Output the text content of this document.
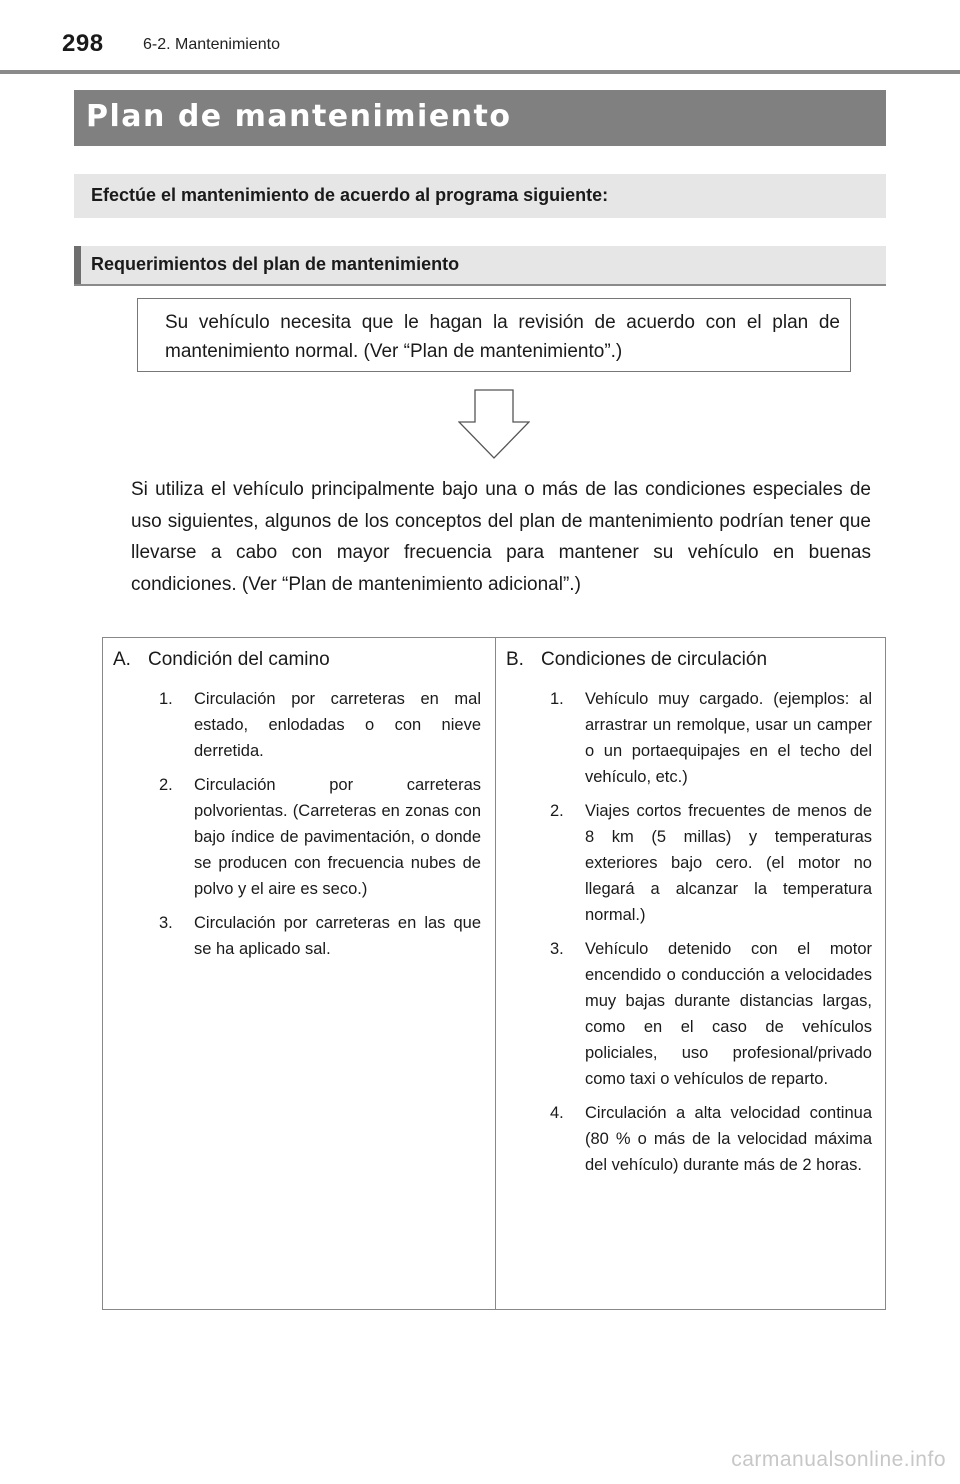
298 6-2. Mantenimiento
Plan de mantenimiento
Efectúe el mantenimiento de acuerdo al programa siguiente:
Requerimientos del plan de mantenimiento

Su vehículo necesita que le hagan la revisión de acuerdo con el plan de mantenimiento normal. (Ver “Plan de mantenimiento”.)

Si utiliza el vehículo principalmente bajo una o más de las condiciones especiales de uso siguientes, algunos de los conceptos del plan de mantenimiento podrían tener que llevarse a cabo con mayor frecuencia para mantener su vehículo en buenas condiciones. (Ver “Plan de mantenimiento adicional”.)

A. Condición del camino
1.	Circulación por carreteras en mal estado, enlodadas o con nieve derretida.
2.	Circulación por carreteras polvorientas. (Carreteras en zonas con bajo índice de pavimentación, o donde se producen con frecuencia nubes de polvo y el aire es seco.)
3.	Circulación por carreteras en las que se ha aplicado sal.
B. Condiciones de circulación
1.	Vehículo muy cargado. (ejemplos: al arrastrar un remolque, usar un camper o un portaequipajes en el techo del vehículo, etc.)
2.	Viajes cortos frecuentes de menos de 8 km (5 millas) y temperaturas exteriores bajo cero. (el motor no llegará a alcanzar la temperatura normal.)
3.	Vehículo detenido con el motor encendido o conducción a velocidades muy bajas durante distancias largas, como en el caso de vehículos policiales, uso profesional/privado como taxi o vehículos de reparto.
4.	Circulación a alta velocidad continua (80 % o más de la velocidad máxima del vehículo) durante más de 2 horas.
carmanualsonline.info
